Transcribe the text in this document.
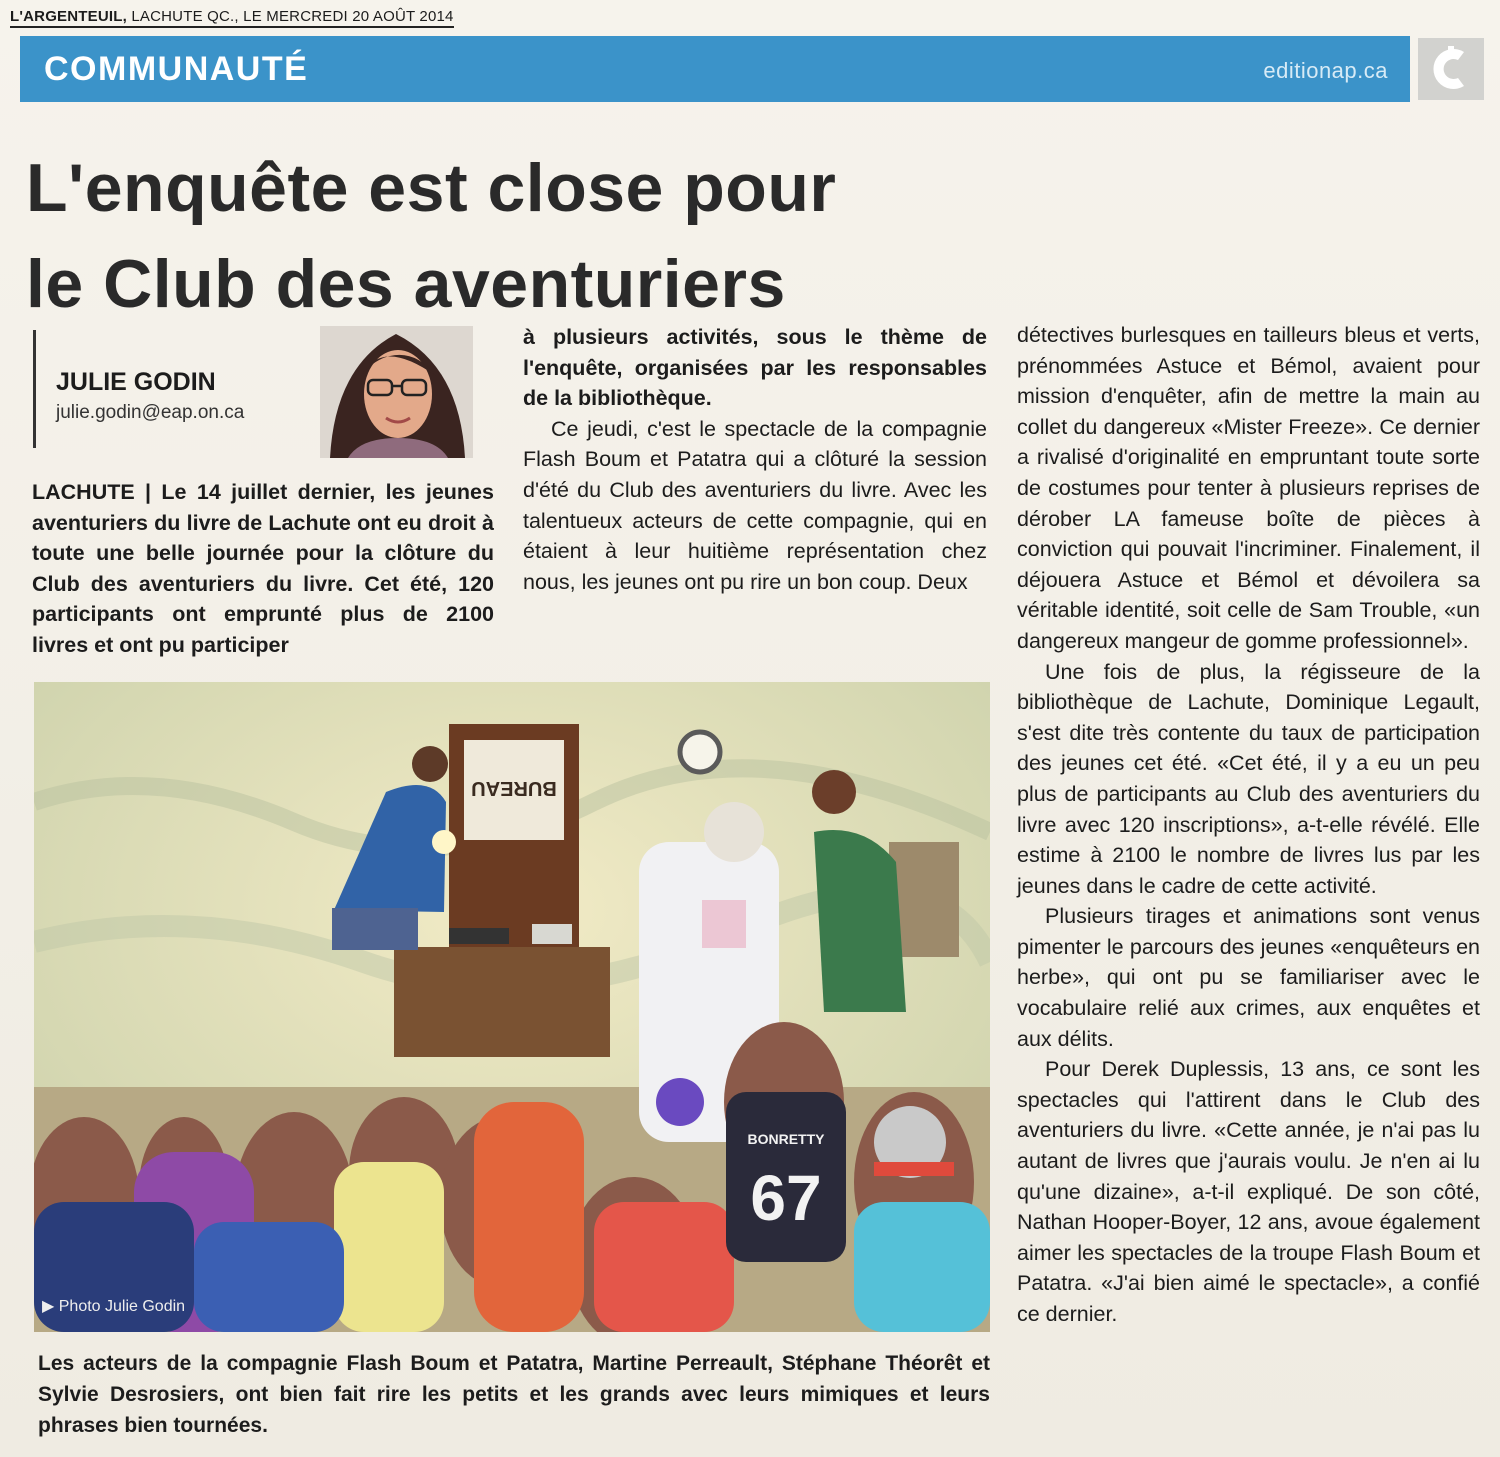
L'ARGENTEUIL, LACHUTE QC., LE MERCREDI 20 AOÛT 2014
COMMUNAUTÉ	editionap.ca
L'enquête est close pour
le Club des aventuriers
JULIE GODIN
julie.godin@eap.on.ca

LACHUTE | Le 14 juillet dernier, les jeunes aventuriers du livre de Lachute ont eu droit à toute une belle journée pour la clôture du Club des aventuriers du livre. Cet été, 120 participants ont emprunté plus de 2100 livres et ont pu participer

à plusieurs activités, sous le thème de l'enquête, organisées par les responsables de la bibliothèque.

Ce jeudi, c'est le spectacle de la compagnie Flash Boum et Patatra qui a clôturé la session d'été du Club des aventuriers du livre. Avec les talentueux acteurs de cette compagnie, qui en étaient à leur huitième représentation chez nous, les jeunes ont pu rire un bon coup. Deux

détectives burlesques en tailleurs bleus et verts, prénommées Astuce et Bémol, avaient pour mission d'enquêter, afin de mettre la main au collet du dangereux «Mister Freeze». Ce dernier a rivalisé d'originalité en empruntant toute sorte de costumes pour tenter à plusieurs reprises de dérober LA fameuse boîte de pièces à conviction qui pouvait l'incriminer. Finalement, il déjouera Astuce et Bémol et dévoilera sa véritable identité, soit celle de Sam Trouble, «un dangereux mangeur de gomme professionnel».

Une fois de plus, la régisseure de la bibliothèque de Lachute, Dominique Legault, s'est dite très contente du taux de participation des jeunes cet été. «Cet été, il y a eu un peu plus de participants au Club des aventuriers du livre avec 120 inscriptions», a-t-elle révélé. Elle estime à 2100 le nombre de livres lus par les jeunes dans le cadre de cette activité.

Plusieurs tirages et animations sont venus pimenter le parcours des jeunes «enquêteurs en herbe», qui ont pu se familiariser avec le vocabulaire relié aux crimes, aux enquêtes et aux délits.

Pour Derek Duplessis, 13 ans, ce sont les spectacles qui l'attirent dans le Club des aventuriers du livre. «Cette année, je n'ai pas lu autant de livres que j'aurais voulu. Je n'en ai lu qu'une dizaine», a-t-il expliqué. De son côté, Nathan Hooper-Boyer, 12 ans, avoue également aimer les spectacles de la troupe Flash Boum et Patatra. «J'ai bien aimé le spectacle», a confié ce dernier.

BUREAU
BONRETTY
67
▶ Photo Julie Godin

Les acteurs de la compagnie Flash Boum et Patatra, Martine Perreault, Stéphane Théorêt et Sylvie Desrosiers, ont bien fait rire les petits et les grands avec leurs mimiques et leurs phrases bien tournées.
